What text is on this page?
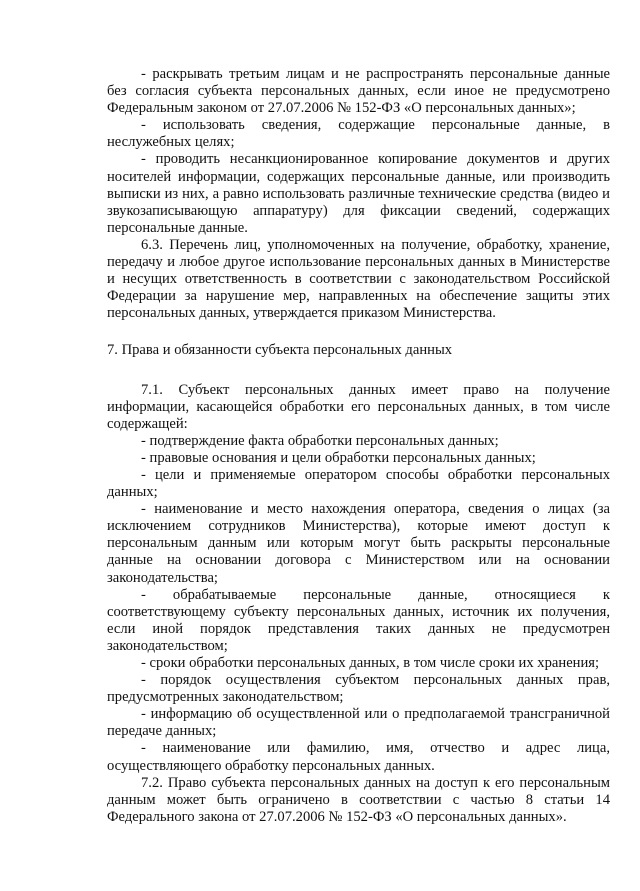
- раскрывать третьим лицам и не распространять персональные данные без согласия субъекта персональных данных, если иное не предусмотрено Федеральным законом от 27.07.2006 № 152-ФЗ «О персональных данных»;

- использовать сведения, содержащие персональные данные, в неслужебных целях;

- проводить несанкционированное копирование документов и других носителей информации, содержащих персональные данные, или производить выписки из них, а равно использовать различные технические средства (видео и звукозаписывающую аппаратуру) для фиксации сведений, содержащих персональные данные.

6.3. Перечень лиц, уполномоченных на получение, обработку, хранение, передачу и любое другое использование персональных данных в Министерстве и несущих ответственность в соответствии с законодательством Российской Федерации за нарушение мер, направленных на обеспечение защиты этих персональных данных, утверждается приказом Министерства.

7. Права и обязанности субъекта персональных данных

7.1. Субъект персональных данных имеет право на получение информации, касающейся обработки его персональных данных, в том числе содержащей:

- подтверждение факта обработки персональных данных;

- правовые основания и цели обработки персональных данных;

- цели и применяемые оператором способы обработки персональных данных;

- наименование и место нахождения оператора, сведения о лицах (за исключением сотрудников Министерства), которые имеют доступ к персональным данным или которым могут быть раскрыты персональные данные на основании договора с Министерством или на основании законодательства;

- обрабатываемые персональные данные, относящиеся к соответствующему субъекту персональных данных, источник их получения, если иной порядок представления таких данных не предусмотрен законодательством;

- сроки обработки персональных данных, в том числе сроки их хранения;

- порядок осуществления субъектом персональных данных прав, предусмотренных законодательством;

- информацию об осуществленной или о предполагаемой трансграничной передаче данных;

- наименование или фамилию, имя, отчество и адрес лица, осуществляющего обработку персональных данных.

7.2. Право субъекта персональных данных на доступ к его персональным данным может быть ограничено в соответствии с частью 8 статьи 14 Федерального закона от 27.07.2006 № 152-ФЗ «О персональных данных».
